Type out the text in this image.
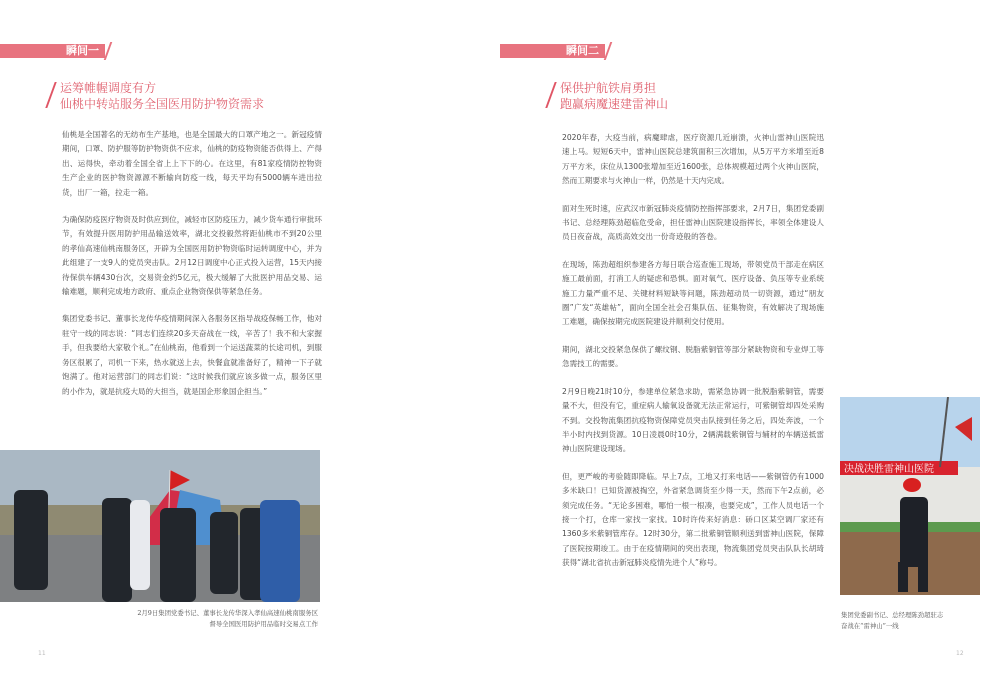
瞬间一
运筹帷幄调度有方
仙桃中转站服务全国医用防护物资需求

仙桃是全国著名的无纺布生产基地，也是全国最大的口罩产地之一。新冠疫情期间，口罩、防护服等防护物资供不应求，仙桃的防疫物资能否供得上、产得出、运得快，牵动着全国全省上上下下的心。在这里，有81家疫情防控物资生产企业的医护物资源源不断输向防疫一线，每天平均有5000辆车进出拉货，出厂一箱，拉走一箱。

为确保防疫医疗物资及时供应到位，减轻市区防疫压力，减少货车通行审批环节，有效提升医用防护用品输送效率，湖北交投毅然将距仙桃市不到20公里的孝仙高速仙桃南服务区，开辟为全国医用防护物资临时运转调度中心，并为此组建了一支9人的党员突击队。2月12日调度中心正式投入运营，15天内接待保供车辆430台次，交易资金约5亿元，极大缓解了大批医护用品交易、运输难题，顺利完成地方政府、重点企业物资保供等紧急任务。

集团党委书记、董事长龙传华疫情期间深入各服务区指导战疫保畅工作，他对驻守一线的同志说：“同志们连续20多天奋战在一线，辛苦了！我不和大家握手，但我要给大家敬个礼。”在仙桃南，他看到一个运送蔬菜的长途司机，到服务区很累了，司机一下来，热水就送上去，快餐盒就准备好了，精神一下子就饱满了。他对运营部门的同志们说：“这时候我们就应该多做一点，服务区里的小作为，就是抗疫大局的大担当，就是国企形象国企担当。”

2月9日集团党委书记、董事长龙传华深入孝仙高速仙桃南服务区
督导全国医用防护用品临时交易点工作
11
瞬间二
保供护航铁肩勇担
跑赢病魔速建雷神山

2020年春，大疫当前，病魔肆虐，医疗资源几近崩溃，火神山雷神山医院迅速上马。短短6天中，雷神山医院总建筑面积三次增加，从5万平方米增至近8万平方米，床位从1300张增加至近1600张，总体规模超过两个火神山医院，然而工期要求与火神山一样，仍然是十天内完成。

面对生死时速，应武汉市新冠肺炎疫情防控指挥部要求，2月7日，集团党委副书记、总经理陈劲超临危受命，担任雷神山医院建设指挥长，率领全体建设人员日夜奋战，高质高效交出一份奇迹般的答卷。

在现场，陈劲超组织参建各方每日联合巡查施工现场，带领党员干部走在病区施工最前面，打消工人的疑虑和恐惧。面对氧气、医疗设备、负压等专业系统施工力量严重不足、关键材料短缺等问题，陈劲超动员一切资源，通过“朋友圈”广发“英雄帖”，面向全国全社会召集队伍、征集物资，有效解决了现场施工难题，确保按期完成医院建设并顺利交付使用。

期间，湖北交投紧急保供了螺纹钢、脱脂紫铜管等部分紧缺物资和专业焊工等急需技工的需要。

2月9日晚21时10分，参建单位紧急求助，需紧急协调一批脱脂紫铜管，需要量不大，但没有它，重症病人输氧设备就无法正常运行，可紫铜管却四处采购不到。交投物流集团抗疫物资保障党员突击队接到任务之后，四处奔波，一个半小时内找到货源。10日凌晨0时10分，2辆满载紫铜管与辅材的车辆送抵雷神山医院建设现场。

但，更严峻的考验随即降临。早上7点，工地又打来电话——紫铜管仍有1000多米缺口！已知货源被掏空，外省紧急调货至少得一天，然而下午2点前，必须完成任务。“无论多困难，哪怕一根一根凑，也要完成”，工作人员电话一个接一个打，仓库一家找一家找。10时许传来好消息：硚口区某空调厂家还有1360多米紫铜管库存。12时30分，第二批紫铜管顺利送到雷神山医院，保障了医院按期竣工。由于在疫情期间的突出表现，物流集团党员突击队队长胡琦获得“湖北省抗击新冠肺炎疫情先进个人”称号。

决战决胜雷神山医院
集团党委副书记、总经理陈劲超驻志
奋战在“雷神山”一线
12
